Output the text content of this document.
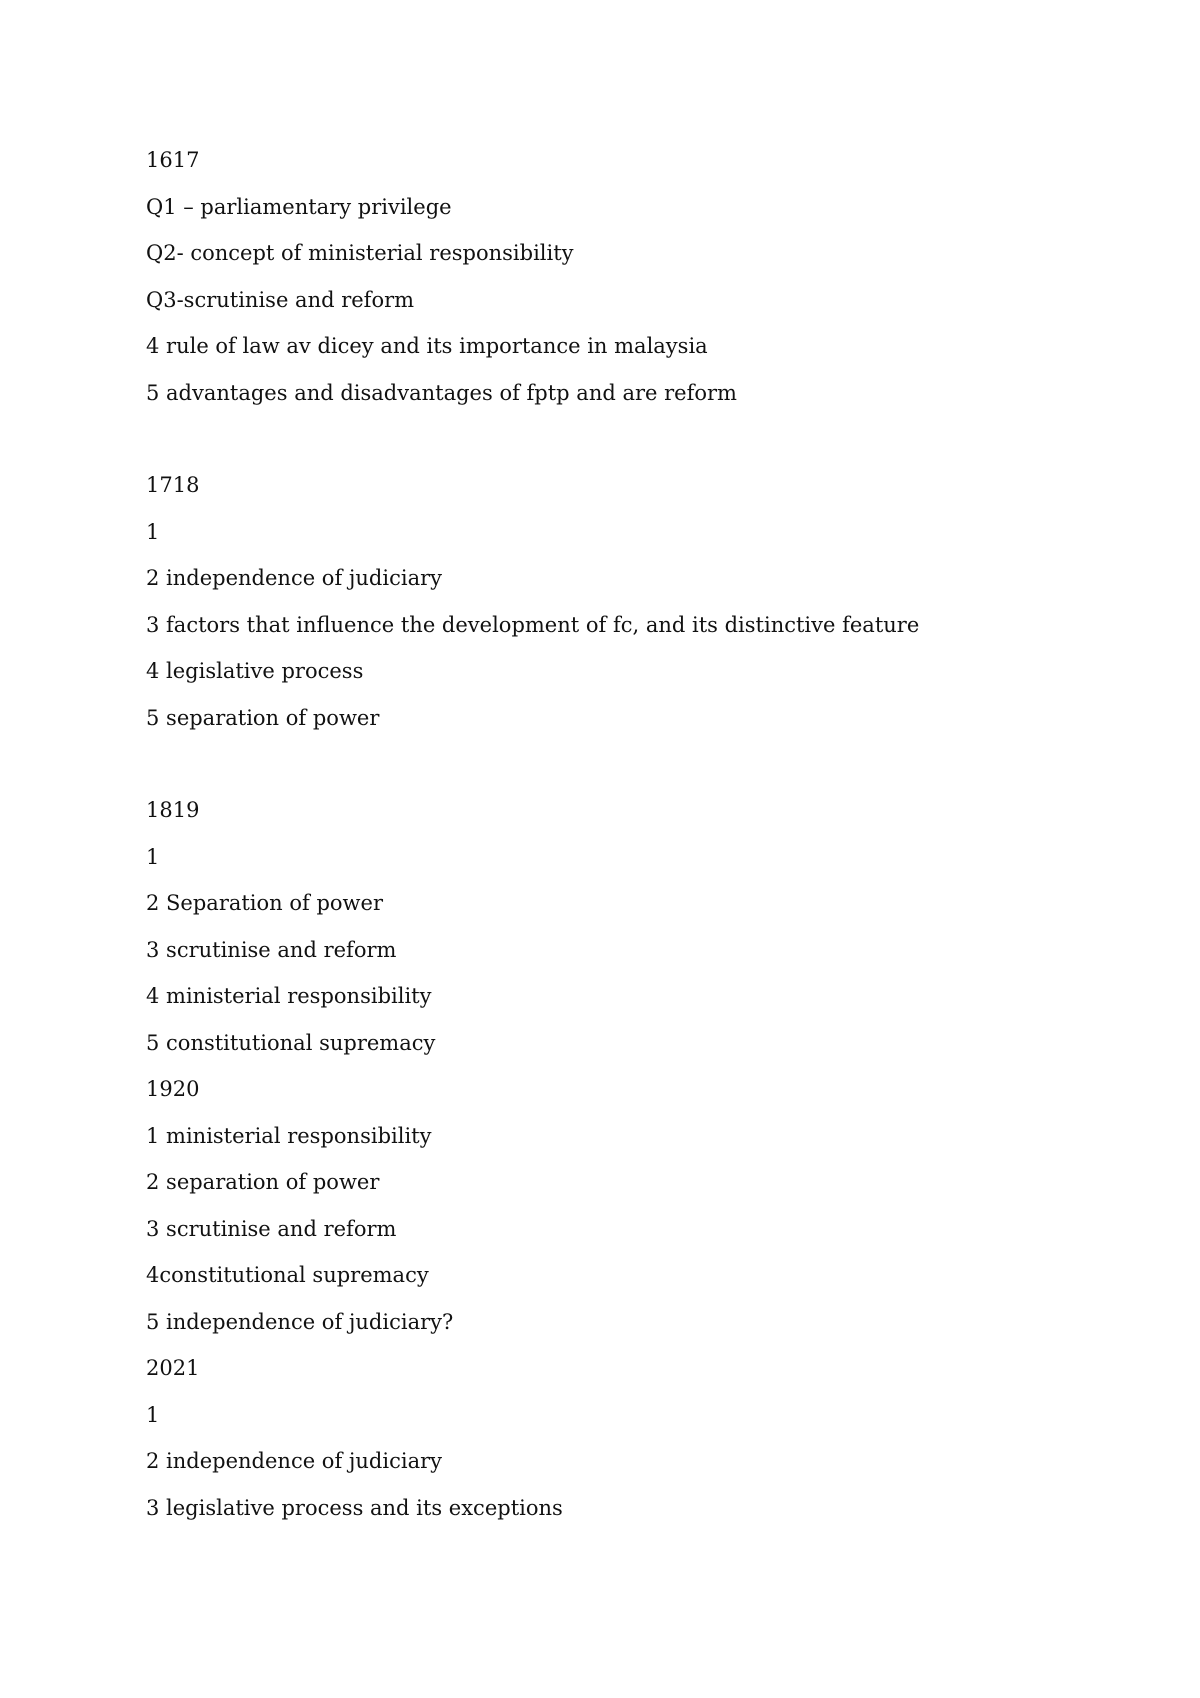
1617
Q1 – parliamentary privilege
Q2- concept of ministerial responsibility
Q3-scrutinise and reform
4 rule of law av dicey and its importance in malaysia
5 advantages and disadvantages of fptp and are reform
1718
1
2 independence of judiciary
3 factors that influence the development of fc, and its distinctive feature
4 legislative process
5 separation of power
1819
1
2 Separation of power
3 scrutinise and reform
4 ministerial responsibility
5 constitutional supremacy
1920
1 ministerial responsibility
2 separation of power
3 scrutinise and reform
4constitutional supremacy
5 independence of judiciary?
2021
1
2 independence of judiciary
3 legislative process and its exceptions
